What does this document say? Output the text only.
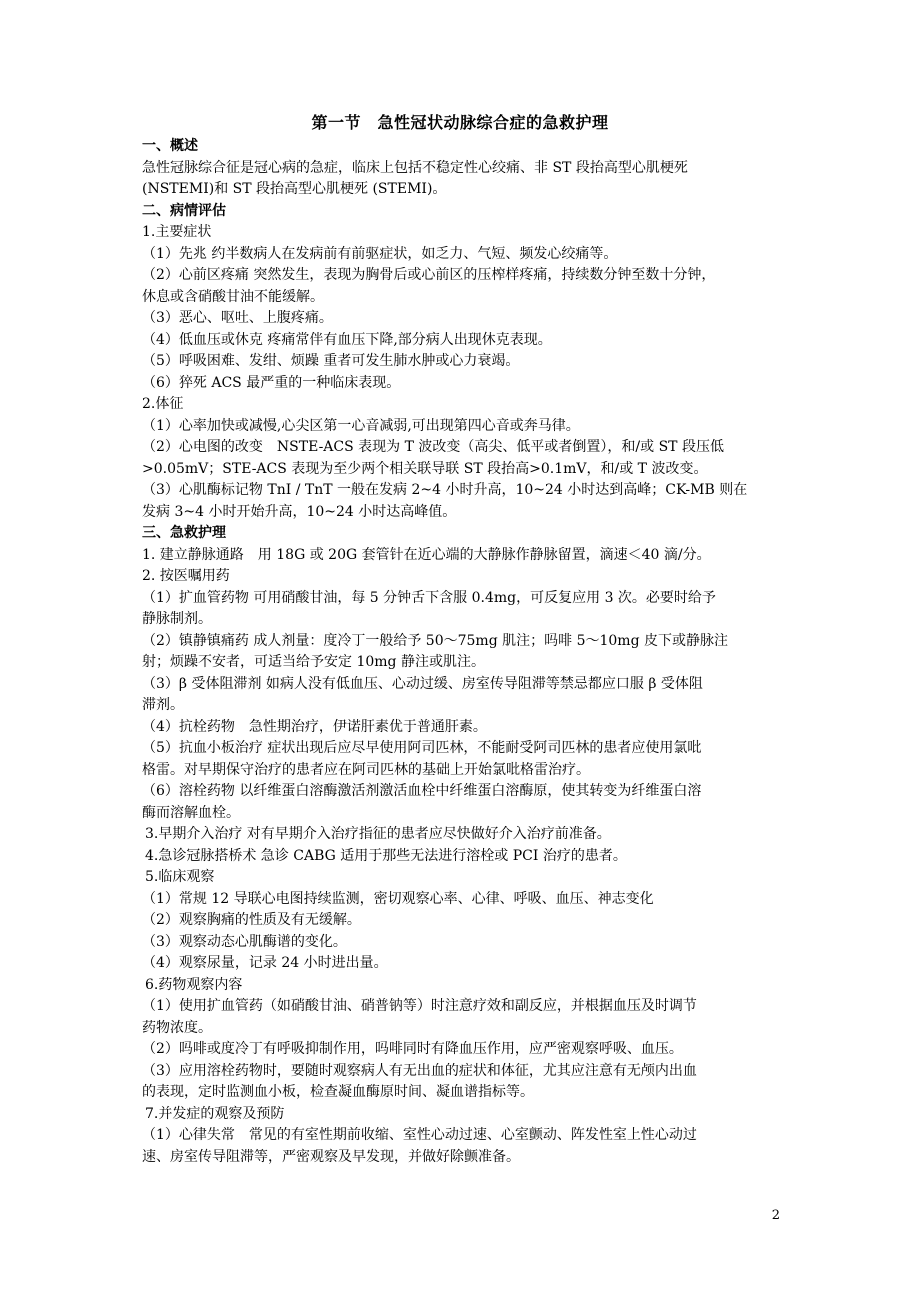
第一节　急性冠状动脉综合症的急救护理
一、概述
急性冠脉综合征是冠心病的急症，临床上包括不稳定性心绞痛、非 ST 段抬高型心肌梗死
(NSTEMI)和 ST 段抬高型心肌梗死 (STEMI)。
二、病情评估
1.主要症状
（1）先兆 约半数病人在发病前有前驱症状，如乏力、气短、频发心绞痛等。
（2）心前区疼痛 突然发生，表现为胸骨后或心前区的压榨样疼痛，持续数分钟至数十分钟，
休息或含硝酸甘油不能缓解。
（3）恶心、呕吐、上腹疼痛。
（4）低血压或休克 疼痛常伴有血压下降,部分病人出现休克表现。
（5）呼吸困难、发绀、烦躁 重者可发生肺水肿或心力衰竭。
（6）猝死 ACS 最严重的一种临床表现。
2.体征
（1）心率加快或减慢,心尖区第一心音减弱,可出现第四心音或奔马律。
（2）心电图的改变　NSTE-ACS 表现为 T 波改变（高尖、低平或者倒置），和/或 ST 段压低
>0.05mV；STE-ACS 表现为至少两个相关联导联 ST 段抬高>0.1mV，和/或 T 波改变。
（3）心肌酶标记物 TnI / TnT 一般在发病 2~4 小时升高，10~24 小时达到高峰；CK-MB 则在
发病 3~4 小时开始升高，10~24 小时达高峰值。
三、急救护理
1. 建立静脉通路　用 18G 或 20G 套管针在近心端的大静脉作静脉留置，滴速＜40 滴/分。
2. 按医嘱用药
（1）扩血管药物 可用硝酸甘油，每 5 分钟舌下含服 0.4mg，可反复应用 3 次。必要时给予
静脉制剂。
（2）镇静镇痛药 成人剂量：度冷丁一般给予 50～75mg 肌注；吗啡 5～10mg 皮下或静脉注
射；烦躁不安者，可适当给予安定 10mg 静注或肌注。
（3）β 受体阻滞剂 如病人没有低血压、心动过缓、房室传导阻滞等禁忌都应口服 β 受体阻
滞剂。
（4）抗栓药物　急性期治疗，伊诺肝素优于普通肝素。
（5）抗血小板治疗 症状出现后应尽早使用阿司匹林，不能耐受阿司匹林的患者应使用氯吡
格雷。对早期保守治疗的患者应在阿司匹林的基础上开始氯吡格雷治疗。
（6）溶栓药物 以纤维蛋白溶酶激活剂激活血栓中纤维蛋白溶酶原，使其转变为纤维蛋白溶
酶而溶解血栓。
3.早期介入治疗 对有早期介入治疗指征的患者应尽快做好介入治疗前准备。
4.急诊冠脉搭桥术 急诊 CABG 适用于那些无法进行溶栓或 PCI 治疗的患者。
5.临床观察
（1）常规 12 导联心电图持续监测，密切观察心率、心律、呼吸、血压、神志变化
（2）观察胸痛的性质及有无缓解。
（3）观察动态心肌酶谱的变化。
（4）观察尿量，记录 24 小时进出量。
6.药物观察内容
（1）使用扩血管药（如硝酸甘油、硝普钠等）时注意疗效和副反应，并根据血压及时调节
药物浓度。
（2）吗啡或度冷丁有呼吸抑制作用，吗啡同时有降血压作用，应严密观察呼吸、血压。
（3）应用溶栓药物时，要随时观察病人有无出血的症状和体征，尤其应注意有无颅内出血
的表现，定时监测血小板，检查凝血酶原时间、凝血谱指标等。
7.并发症的观察及预防
（1）心律失常　常见的有室性期前收缩、室性心动过速、心室颤动、阵发性室上性心动过
速、房室传导阻滞等，严密观察及早发现，并做好除颤准备。
2
